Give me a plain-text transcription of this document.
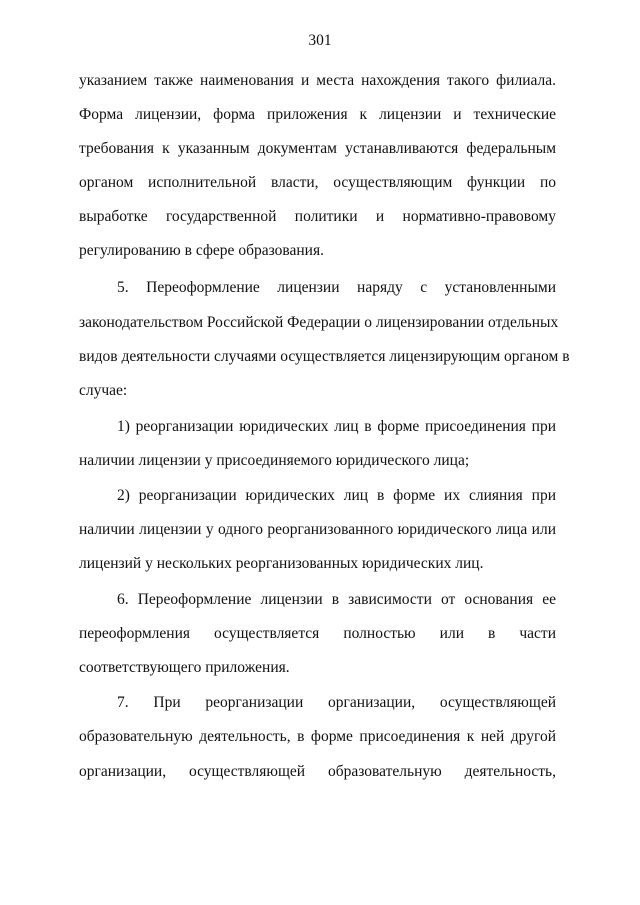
301
указанием также наименования и места нахождения такого филиала.
Форма лицензии, форма приложения к лицензии и технические
требования к указанным документам устанавливаются федеральным
органом исполнительной власти, осуществляющим функции по
выработке государственной политики и нормативно-правовому
регулированию в сфере образования.
5. Переоформление лицензии наряду с установленными
законодательством Российской Федерации о лицензировании отдельных
видов деятельности случаями осуществляется лицензирующим органом в
случае:
1) реорганизации юридических лиц в форме присоединения при
наличии лицензии у присоединяемого юридического лица;
2) реорганизации юридических лиц в форме их слияния при
наличии лицензии у одного реорганизованного юридического лица или
лицензий у нескольких реорганизованных юридических лиц.
6. Переоформление лицензии в зависимости от основания ее
переоформления осуществляется полностью или в части
соответствующего приложения.
7. При реорганизации организации, осуществляющей
образовательную деятельность, в форме присоединения к ней другой
организации, осуществляющей образовательную деятельность,
